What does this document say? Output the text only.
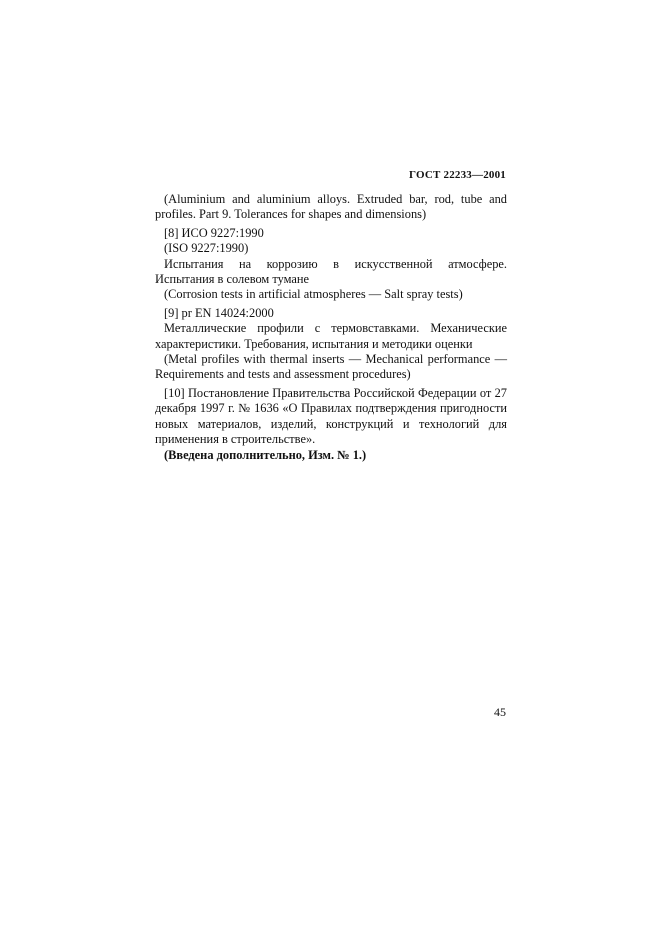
ГОСТ 22233—2001

(Aluminium and aluminium alloys. Extruded bar, rod, tube and profiles. Part 9. Tolerances for shapes and dimensions)

[8] ИСО 9227:1990

(ISO 9227:1990)

Испытания на коррозию в искусственной атмосфере. Испытания в солевом тумане

(Corrosion tests in artificial atmospheres — Salt spray tests)

[9] pr EN 14024:2000

Металлические профили с термовставками. Механические характеристики. Требования, испытания и методики оценки

(Metal profiles with thermal inserts — Mechanical performance — Requirements and tests and assessment procedures)

[10] Постановление Правительства Российской Федерации от 27 декабря 1997 г. № 1636 «О Правилах подтверждения пригодности новых материалов, изделий, конструкций и технологий для применения в строительстве».

(Введена дополнительно, Изм. № 1.)

45
